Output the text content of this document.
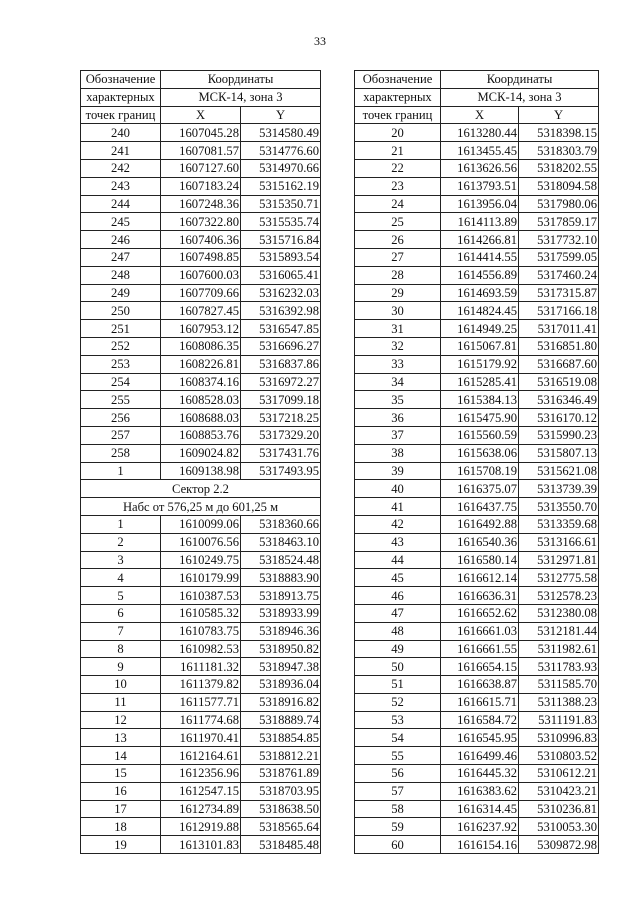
33
Обозначение	Координаты	
характерных	МСК-14, зона 3	
точек границ	X	Y
240	1607045.28	5314580.49
241	1607081.57	5314776.60
242	1607127.60	5314970.66
243	1607183.24	5315162.19
244	1607248.36	5315350.71
245	1607322.80	5315535.74
246	1607406.36	5315716.84
247	1607498.85	5315893.54
248	1607600.03	5316065.41
249	1607709.66	5316232.03
250	1607827.45	5316392.98
251	1607953.12	5316547.85
252	1608086.35	5316696.27
253	1608226.81	5316837.86
254	1608374.16	5316972.27
255	1608528.03	5317099.18
256	1608688.03	5317218.25
257	1608853.76	5317329.20
258	1609024.82	5317431.76
1	1609138.98	5317493.95
Сектор 2.2		
Набс от 576,25 м до 601,25 м		
1	1610099.06	5318360.66
2	1610076.56	5318463.10
3	1610249.75	5318524.48
4	1610179.99	5318883.90
5	1610387.53	5318913.75
6	1610585.32	5318933.99
7	1610783.75	5318946.36
8	1610982.53	5318950.82
9	1611181.32	5318947.38
10	1611379.82	5318936.04
11	1611577.71	5318916.82
12	1611774.68	5318889.74
13	1611970.41	5318854.85
14	1612164.61	5318812.21
15	1612356.96	5318761.89
16	1612547.15	5318703.95
17	1612734.89	5318638.50
18	1612919.88	5318565.64
19	1613101.83	5318485.48
Обозначение	Координаты	
характерных	МСК-14, зона 3	
точек границ	X	Y
20	1613280.44	5318398.15
21	1613455.45	5318303.79
22	1613626.56	5318202.55
23	1613793.51	5318094.58
24	1613956.04	5317980.06
25	1614113.89	5317859.17
26	1614266.81	5317732.10
27	1614414.55	5317599.05
28	1614556.89	5317460.24
29	1614693.59	5317315.87
30	1614824.45	5317166.18
31	1614949.25	5317011.41
32	1615067.81	5316851.80
33	1615179.92	5316687.60
34	1615285.41	5316519.08
35	1615384.13	5316346.49
36	1615475.90	5316170.12
37	1615560.59	5315990.23
38	1615638.06	5315807.13
39	1615708.19	5315621.08
40	1616375.07	5313739.39
41	1616437.75	5313550.70
42	1616492.88	5313359.68
43	1616540.36	5313166.61
44	1616580.14	5312971.81
45	1616612.14	5312775.58
46	1616636.31	5312578.23
47	1616652.62	5312380.08
48	1616661.03	5312181.44
49	1616661.55	5311982.61
50	1616654.15	5311783.93
51	1616638.87	5311585.70
52	1616615.71	5311388.23
53	1616584.72	5311191.83
54	1616545.95	5310996.83
55	1616499.46	5310803.52
56	1616445.32	5310612.21
57	1616383.62	5310423.21
58	1616314.45	5310236.81
59	1616237.92	5310053.30
60	1616154.16	5309872.98
